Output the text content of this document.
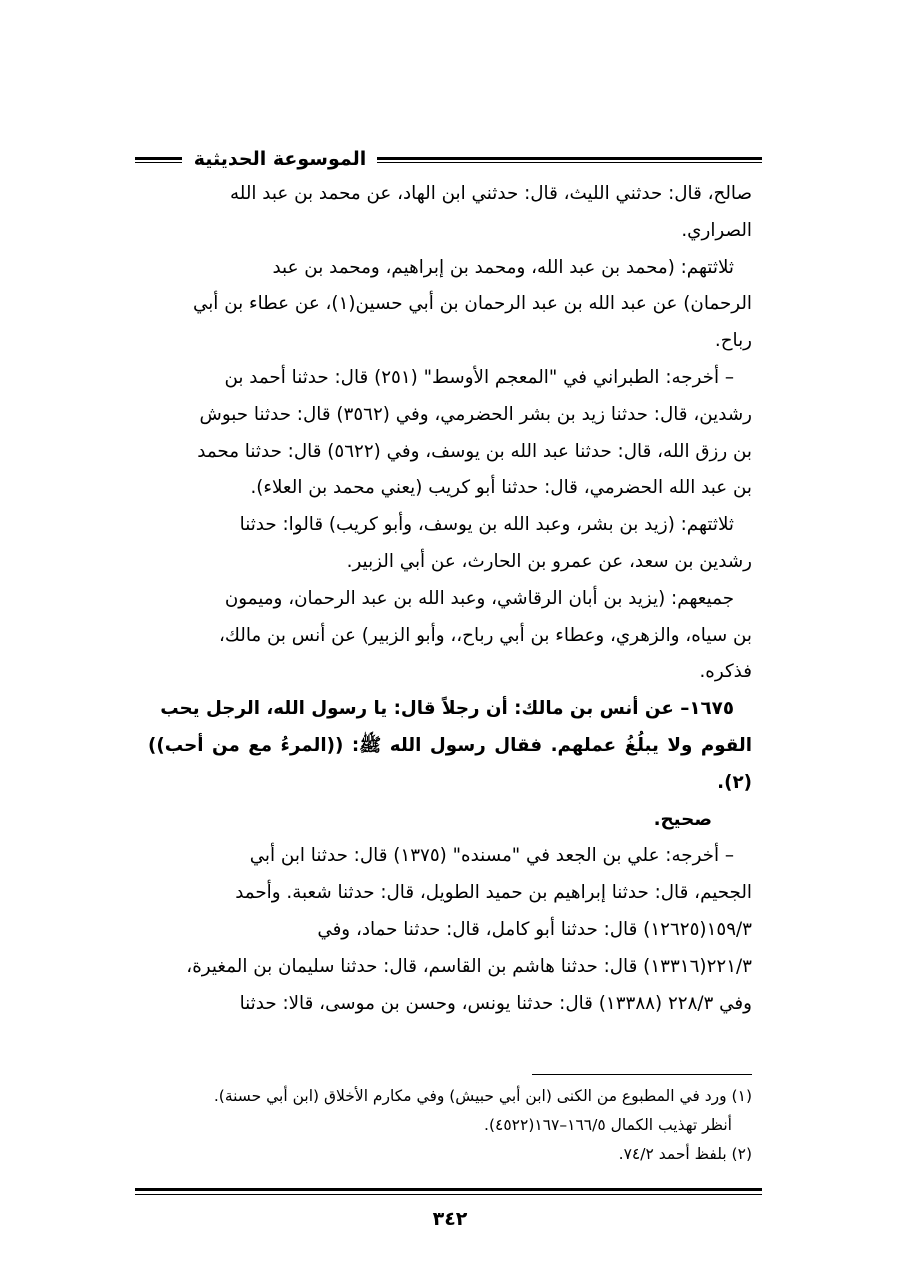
الموسوعة الحديثية

صالح، قال: حدثني الليث، قال: حدثني ابن الهاد، عن محمد بن عبد الله

الصراري.

ثلاثتهم: (محمد بن عبد الله، ومحمد بن إبراهيم، ومحمد بن عبد

الرحمان) عن عبد الله بن عبد الرحمان بن أبي حسين(١)، عن عطاء بن أبي

رباح.

– أخرجه: الطبراني في "المعجم الأوسط" (٢٥١) قال: حدثنا أحمد بن

رشدين، قال: حدثنا زيد بن بشر الحضرمي، وفي (٣٥٦٢) قال: حدثنا حبوش

بن رزق الله، قال: حدثنا عبد الله بن يوسف، وفي (٥٦٢٢) قال: حدثنا محمد

بن عبد الله الحضرمي، قال: حدثنا أبو كريب (يعني محمد بن العلاء).

ثلاثتهم: (زيد بن بشر، وعبد الله بن يوسف، وأبو كريب) قالوا: حدثنا

رشدين بن سعد، عن عمرو بن الحارث، عن أبي الزبير.

جميعهم: (يزيد بن أبان الرقاشي، وعبد الله بن عبد الرحمان، وميمون

بن سياه، والزهري، وعطاء بن أبي رباح،، وأبو الزبير) عن أنس بن مالك،

فذكره.

١٦٧٥– عن أنس بن مالك: أن رجلاً قال: يا رسول الله، الرجل يحب

القوم ولا يبلُغُ عملهم. فقال رسول الله ﷺ: ((المرءُ مع من أحب)) (٢).

صحيح.

– أخرجه: علي بن الجعد في "مسنده" (١٣٧٥) قال: حدثنا ابن أبي

الجحيم، قال: حدثنا إبراهيم بن حميد الطويل، قال: حدثنا شعبة. وأحمد

١٥٩/٣(١٢٦٢٥) قال: حدثنا أبو كامل، قال: حدثنا حماد، وفي

٢٢١/٣(١٣٣١٦) قال: حدثنا هاشم بن القاسم، قال: حدثنا سليمان بن المغيرة،

وفي ٢٢٨/٣ (١٣٣٨٨) قال: حدثنا يونس، وحسن بن موسى، قالا: حدثنا

(١) ورد في المطبوع من الكنى (ابن أبي حبيش) وفي مكارم الأخلاق (ابن أبي حسنة).

أنظر تهذيب الكمال ١٦٦/٥–١٦٧(٤٥٢٢).

(٢) بلفظ أحمد ٧٤/٢.

٣٤٢
